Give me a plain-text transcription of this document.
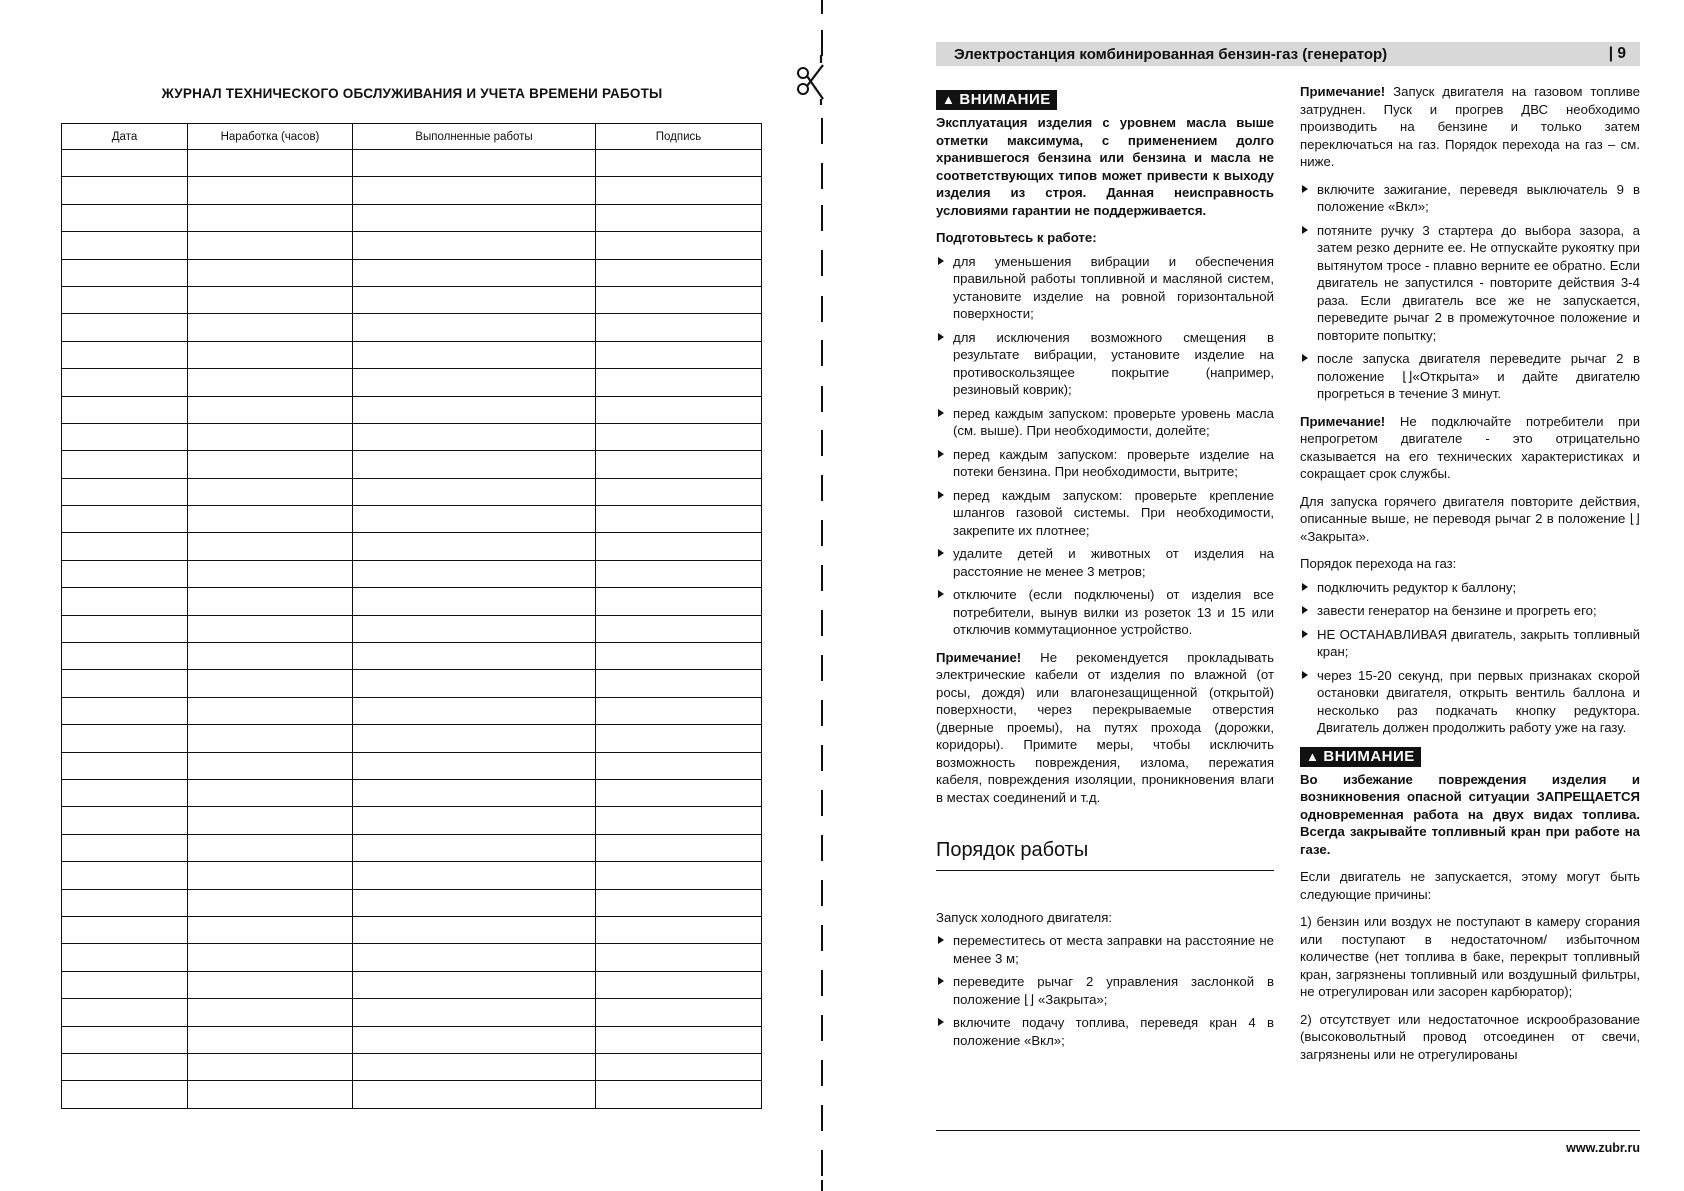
ЖУРНАЛ ТЕХНИЧЕСКОГО ОБСЛУЖИВАНИЯ И УЧЕТА ВРЕМЕНИ РАБОТЫ
Дата	Наработка (часов)	Выполненные работы	Подпись

Электростанция комбинированная бензин-газ (генератор)	| 9
▲ ВНИМАНИЕ

Эксплуатация изделия с уровнем масла выше отметки максимума, с применением долго хранившегося бензина или бензина и масла не соответствующих типов может привести к выходу изделия из строя. Данная неисправность условиями гарантии не поддерживается.

Подготовьтесь к работе:

для уменьшения вибрации и обеспечения правильной работы топливной и масляной систем, установите изделие на ровной горизонтальной поверхности;
для исключения возможного смещения в результате вибрации, установите изделие на противоскользящее покрытие (например, резиновый коврик);
перед каждым запуском: проверьте уровень масла (см. выше). При необходимости, долейте;
перед каждым запуском: проверьте изделие на потеки бензина. При необходимости, вытрите;
перед каждым запуском: проверьте крепление шлангов газовой системы. При необходимости, закрепите их плотнее;
удалите детей и животных от изделия на расстояние не менее 3 метров;
отключите (если подключены) от изделия все потребители, вынув вилки из розеток 13 и 15 или отключив коммутационное устройство.

Примечание! Не рекомендуется прокладывать электрические кабели от изделия по влажной (от росы, дождя) или влагонезащищенной (открытой) поверхности, через перекрываемые отверстия (дверные проемы), на путях прохода (дорожки, коридоры). Примите меры, чтобы исключить возможность повреждения, излома, пережатия кабеля, повреждения изоляции, проникновения влаги в местах соединений и т.д.

Порядок работы

Запуск холодного двигателя:

переместитесь от места заправки на расстояние не менее 3 м;
переведите рычаг 2 управления заслонкой в положение ⌊⌋ «Закрыта»;
включите подачу топлива, переведя кран 4 в положение «Вкл»;

Примечание! Запуск двигателя на газовом топливе затруднен. Пуск и прогрев ДВС необходимо производить на бензине и только затем переключаться на газ. Порядок перехода на газ – см. ниже.

включите зажигание, переведя выключатель 9 в положение «Вкл»;
потяните ручку 3 стартера до выбора зазора, а затем резко дерните ее. Не отпускайте рукоятку при вытянутом тросе - плавно верните ее обратно. Если двигатель не запустился - повторите действия 3-4 раза. Если двигатель все же не запускается, переведите рычаг 2 в промежуточное положение и повторите попытку;
после запуска двигателя переведите рычаг 2 в положение ⌊⌋«Открыта» и дайте двигателю прогреться в течение 3 минут.

Примечание! Не подключайте потребители при непрогретом двигателе - это отрицательно сказывается на его технических характеристиках и сокращает срок службы.

Для запуска горячего двигателя повторите действия, описанные выше, не переводя рычаг 2 в положение ⌊⌋ «Закрыта».

Порядок перехода на газ:

подключить редуктор к баллону;
завести генератор на бензине и прогреть его;
НЕ ОСТАНАВЛИВАЯ двигатель, закрыть топливный кран;
через 15-20 секунд, при первых признаках скорой остановки двигателя, открыть вентиль баллона и несколько раз подкачать кнопку редуктора. Двигатель должен продолжить работу уже на газу.
▲ ВНИМАНИЕ

Во избежание повреждения изделия и возникновения опасной ситуации ЗАПРЕЩАЕТСЯ одновременная работа на двух видах топлива. Всегда закрывайте топливный кран при работе на газе.

Если двигатель не запускается, этому могут быть следующие причины:

1) бензин или воздух не поступают в камеру сгорания или поступают в недостаточном/ избыточном количестве (нет топлива в баке, перекрыт топливный кран, загрязнены топливный или воздушный фильтры, не отрегулирован или засорен карбюратор);

2) отсутствует или недостаточное искрообразование (высоковольтный провод отсоединен от свечи, загрязнены или не отрегулированы

www.zubr.ru
